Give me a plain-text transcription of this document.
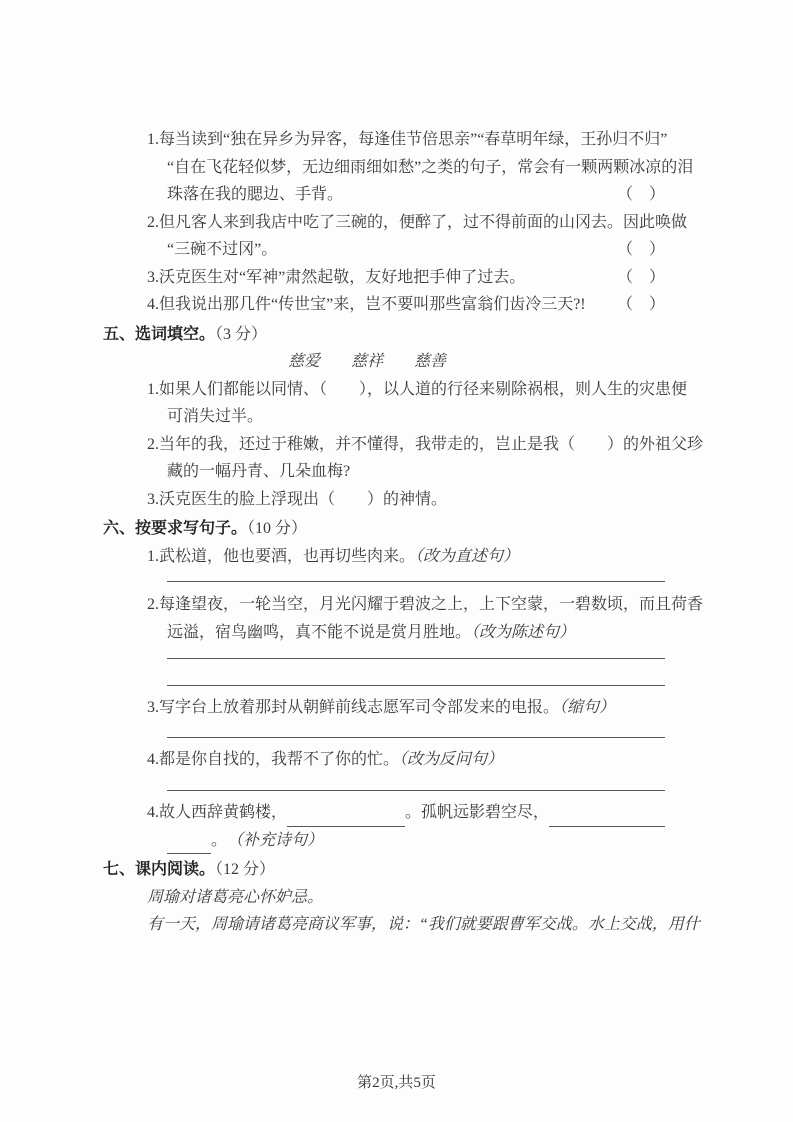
1.每当读到“独在异乡为异客，每逢佳节倍思亲”“春草明年绿，王孙归不归”
“自在飞花轻似梦，无边细雨细如愁”之类的句子，常会有一颗两颗冰凉的泪
珠落在我的腮边、手背。	（　）
2.但凡客人来到我店中吃了三碗的，便醉了，过不得前面的山冈去。因此唤做
“三碗不过冈”。	（　）
3.沃克医生对“军神”肃然起敬，友好地把手伸了过去。	（　）
4.但我说出那几件“传世宝”来，岂不要叫那些富翁们齿冷三天?! （　）
五、选词填空。（3 分）
慈爱 慈祥 慈善
1.如果人们都能以同情、（　　），以人道的行径来剔除祸根，则人生的灾患便
可消失过半。
2.当年的我，还过于稚嫩，并不懂得，我带走的，岂止是我（　　）的外祖父珍
藏的一幅丹青、几朵血梅?
3.沃克医生的脸上浮现出（　　）的神情。
六、按要求写句子。（10 分）
1.武松道，他也要酒，也再切些肉来。（改为直述句）
2.每逢望夜，一轮当空，月光闪耀于碧波之上，上下空蒙，一碧数顷，而且荷香
远溢，宿鸟幽鸣，真不能不说是赏月胜地。（改为陈述句）
3.写字台上放着那封从朝鲜前线志愿军司令部发来的电报。（缩句）
4.都是你自找的，我帮不了你的忙。（改为反问句）
4.故人西辞黄鹤楼，	。孤帆远影碧空尽，
。 （补充诗句）
七、课内阅读。（12 分）

周瑜对诸葛亮心怀妒忌。

有一天，周瑜请诸葛亮商议军事，说：“我们就要跟曹军交战。水上交战，用什

第2页,共5页
